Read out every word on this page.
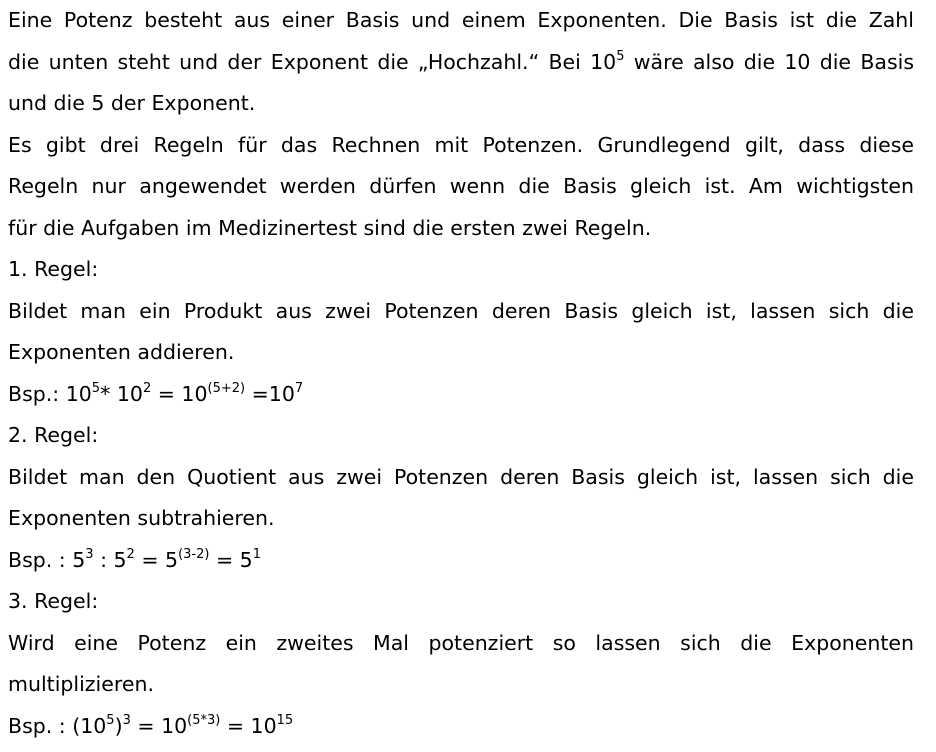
Eine Potenz besteht aus einer Basis und einem Exponenten. Die Basis ist die Zahl
die unten steht und der Exponent die „Hochzahl.“ Bei $10^5$ wäre also die 10 die Basis
und die 5 der Exponent.
Es gibt drei Regeln für das Rechnen mit Potenzen. Grundlegend gilt, dass diese
Regeln nur angewendet werden dürfen wenn die Basis gleich ist. Am wichtigsten
für die Aufgaben im Medizinertest sind die ersten zwei Regeln.
1. Regel:
Bildet man ein Produkt aus zwei Potenzen deren Basis gleich ist, lassen sich die
Exponenten addieren.
Bsp.: $10^5*$ $10^2 = 10^{(5+2)} =10^7$
2. Regel:
Bildet man den Quotient aus zwei Potenzen deren Basis gleich ist, lassen sich die
Exponenten subtrahieren.
Bsp. : $5^3$ : $5^2 = 5^{(3-2)} = 5^1$
3. Regel:
Wird eine Potenz ein zweites Mal potenziert so lassen sich die Exponenten
multiplizieren.
Bsp. : $(10^5)^3 = 10^{(5*3)} = 10^{15}$
